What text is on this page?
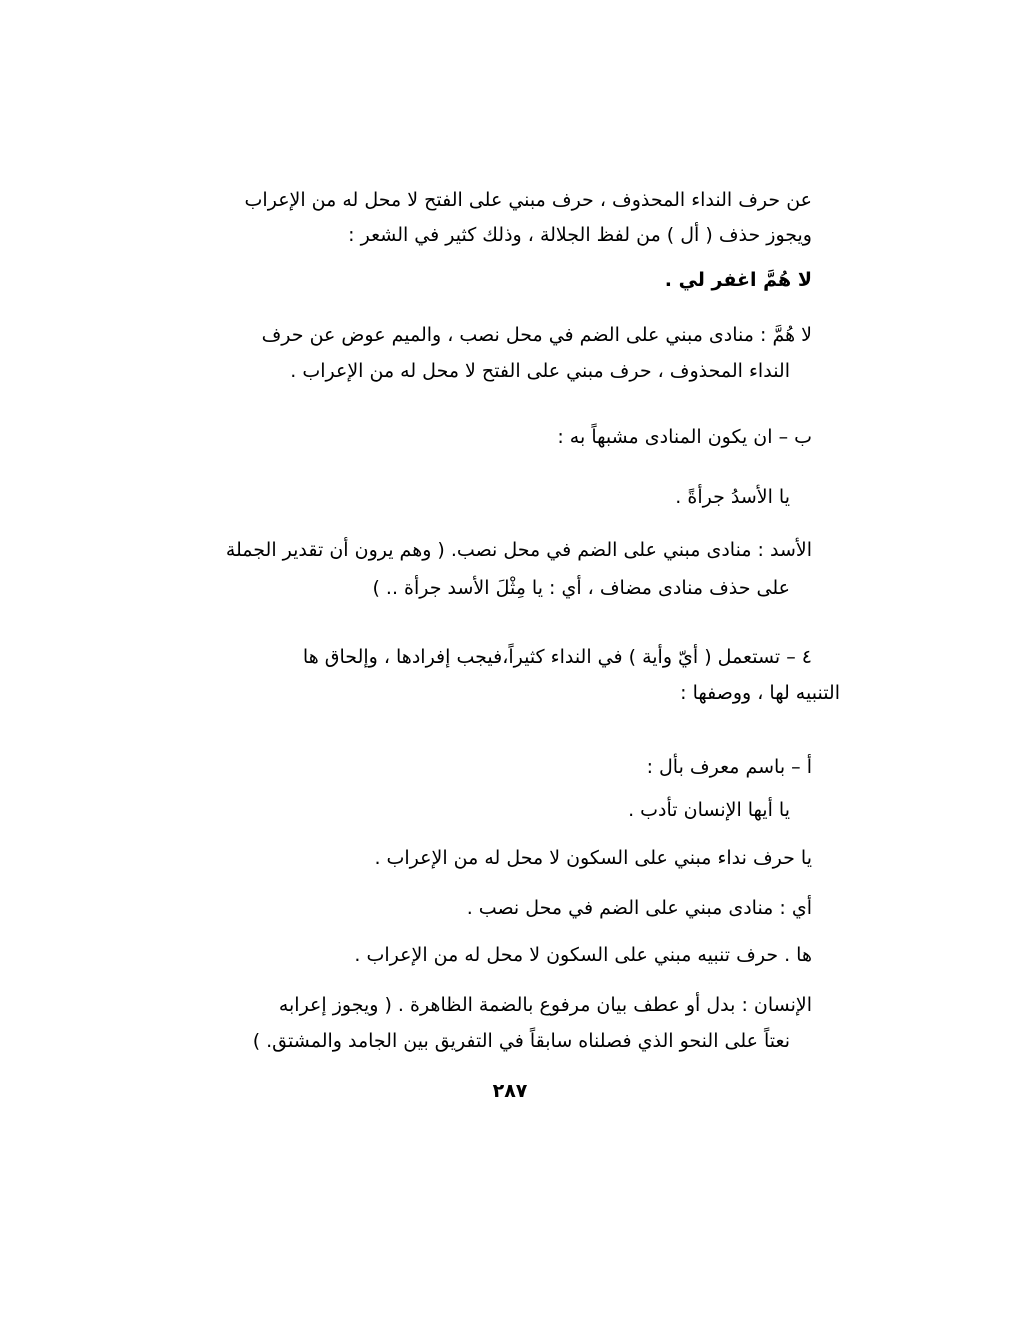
عن حرف النداء المحذوف ، حرف مبني على الفتح لا محل له من الإعراب
ويجوز حذف ( أل ) من لفظ الجلالة ، وذلك كثير في الشعر :
لا هُمَّ اغفر لي .
لا هُمَّ : منادى مبني على الضم في محل نصب ، والميم عوض عن حرف
النداء المحذوف ، حرف مبني على الفتح لا محل له من الإعراب .
ب – ان يكون المنادى مشبهاً به :
يا الأسدُ جرأةً .
الأسد : منادى مبني على الضم في محل نصب. ( وهم يرون أن تقدير الجملة
على حذف منادى مضاف ، أي : يا مِثْلَ الأسد جرأة .. )
٤ – تستعمل ( أيّ وأية ) في النداء كثيراً،فيجب إفرادها ، وإلحاق ها
التنبيه لها ، ووصفها :
أ – باسم معرف بأل :
يا أيها الإنسان تأدب .
يا حرف نداء مبني على السكون لا محل له من الإعراب .
أي : منادى مبني على الضم في محل نصب .
ها . حرف تنبيه مبني على السكون لا محل له من الإعراب .
الإنسان : بدل أو عطف بيان مرفوع بالضمة الظاهرة . ( ويجوز إعرابه
نعتاً على النحو الذي فصلناه سابقاً في التفريق بين الجامد والمشتق. )
٢٨٧
